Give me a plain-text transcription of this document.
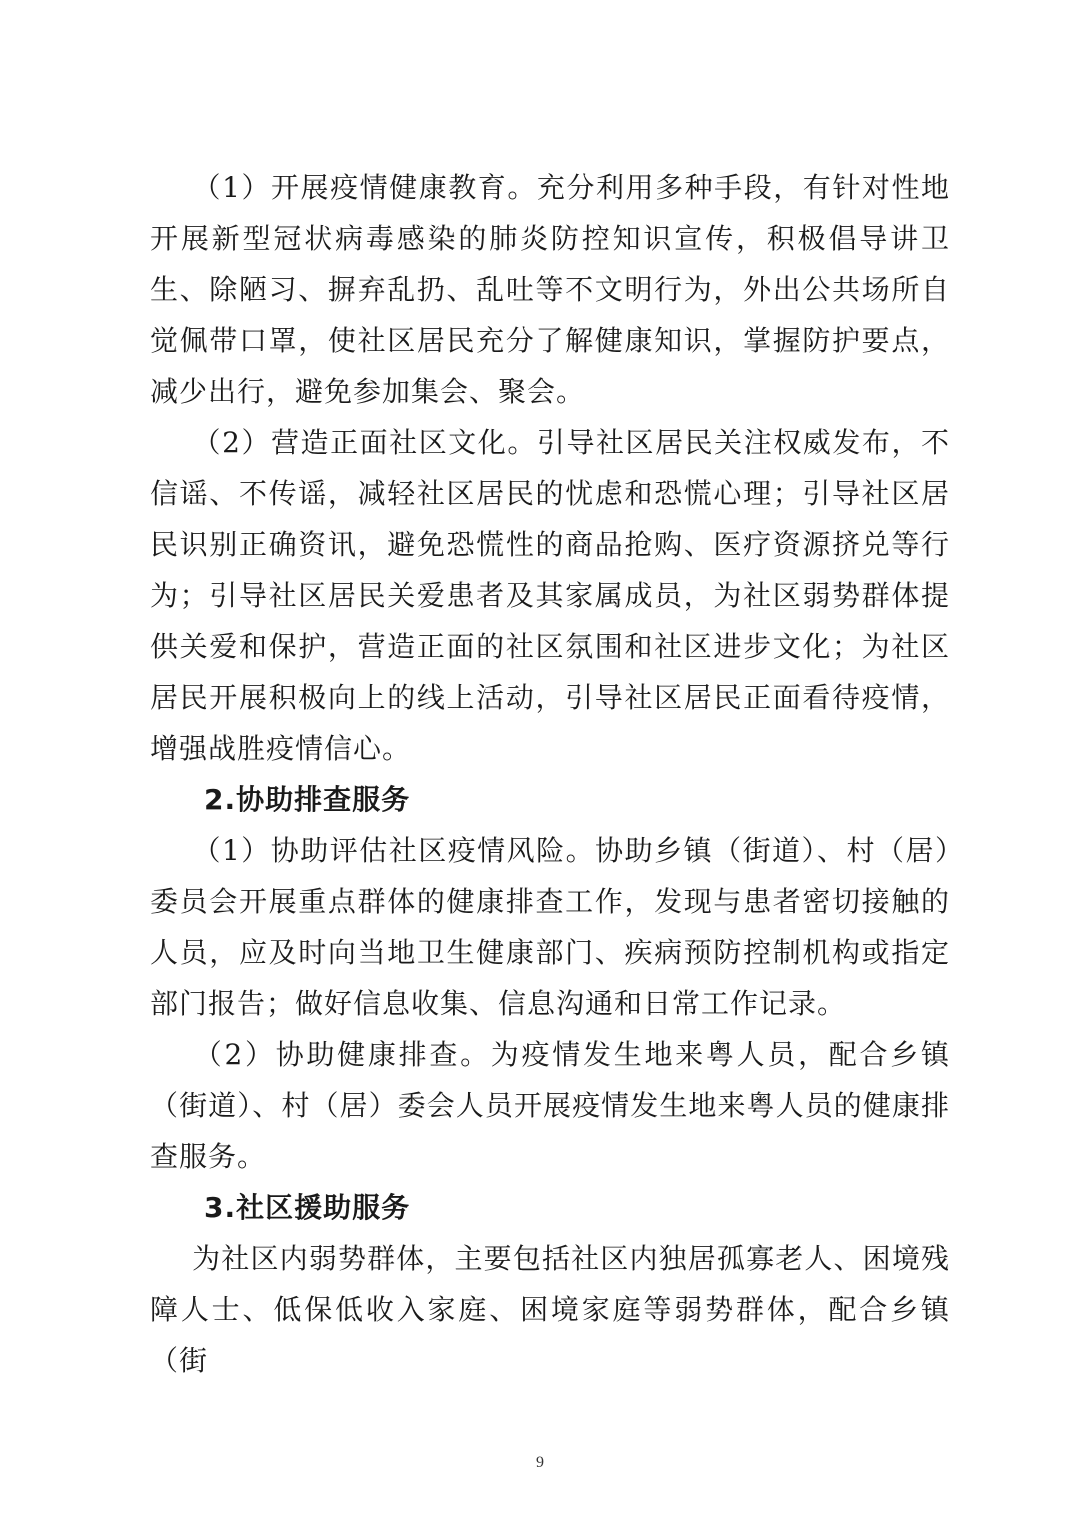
（1）开展疫情健康教育。充分利用多种手段，有针对性地开展新型冠状病毒感染的肺炎防控知识宣传，积极倡导讲卫生、除陋习、摒弃乱扔、乱吐等不文明行为，外出公共场所自觉佩带口罩，使社区居民充分了解健康知识，掌握防护要点，减少出行，避免参加集会、聚会。

（2）营造正面社区文化。引导社区居民关注权威发布，不信谣、不传谣，减轻社区居民的忧虑和恐慌心理；引导社区居民识别正确资讯，避免恐慌性的商品抢购、医疗资源挤兑等行为；引导社区居民关爱患者及其家属成员，为社区弱势群体提供关爱和保护，营造正面的社区氛围和社区进步文化；为社区居民开展积极向上的线上活动，引导社区居民正面看待疫情，增强战胜疫情信心。

2.协助排查服务

（1）协助评估社区疫情风险。协助乡镇（街道）、村（居）委员会开展重点群体的健康排查工作，发现与患者密切接触的人员，应及时向当地卫生健康部门、疾病预防控制机构或指定部门报告；做好信息收集、信息沟通和日常工作记录。

（2）协助健康排查。为疫情发生地来粤人员，配合乡镇（街道）、村（居）委会人员开展疫情发生地来粤人员的健康排查服务。

3.社区援助服务

为社区内弱势群体，主要包括社区内独居孤寡老人、困境残障人士、低保低收入家庭、困境家庭等弱势群体，配合乡镇（街

9
